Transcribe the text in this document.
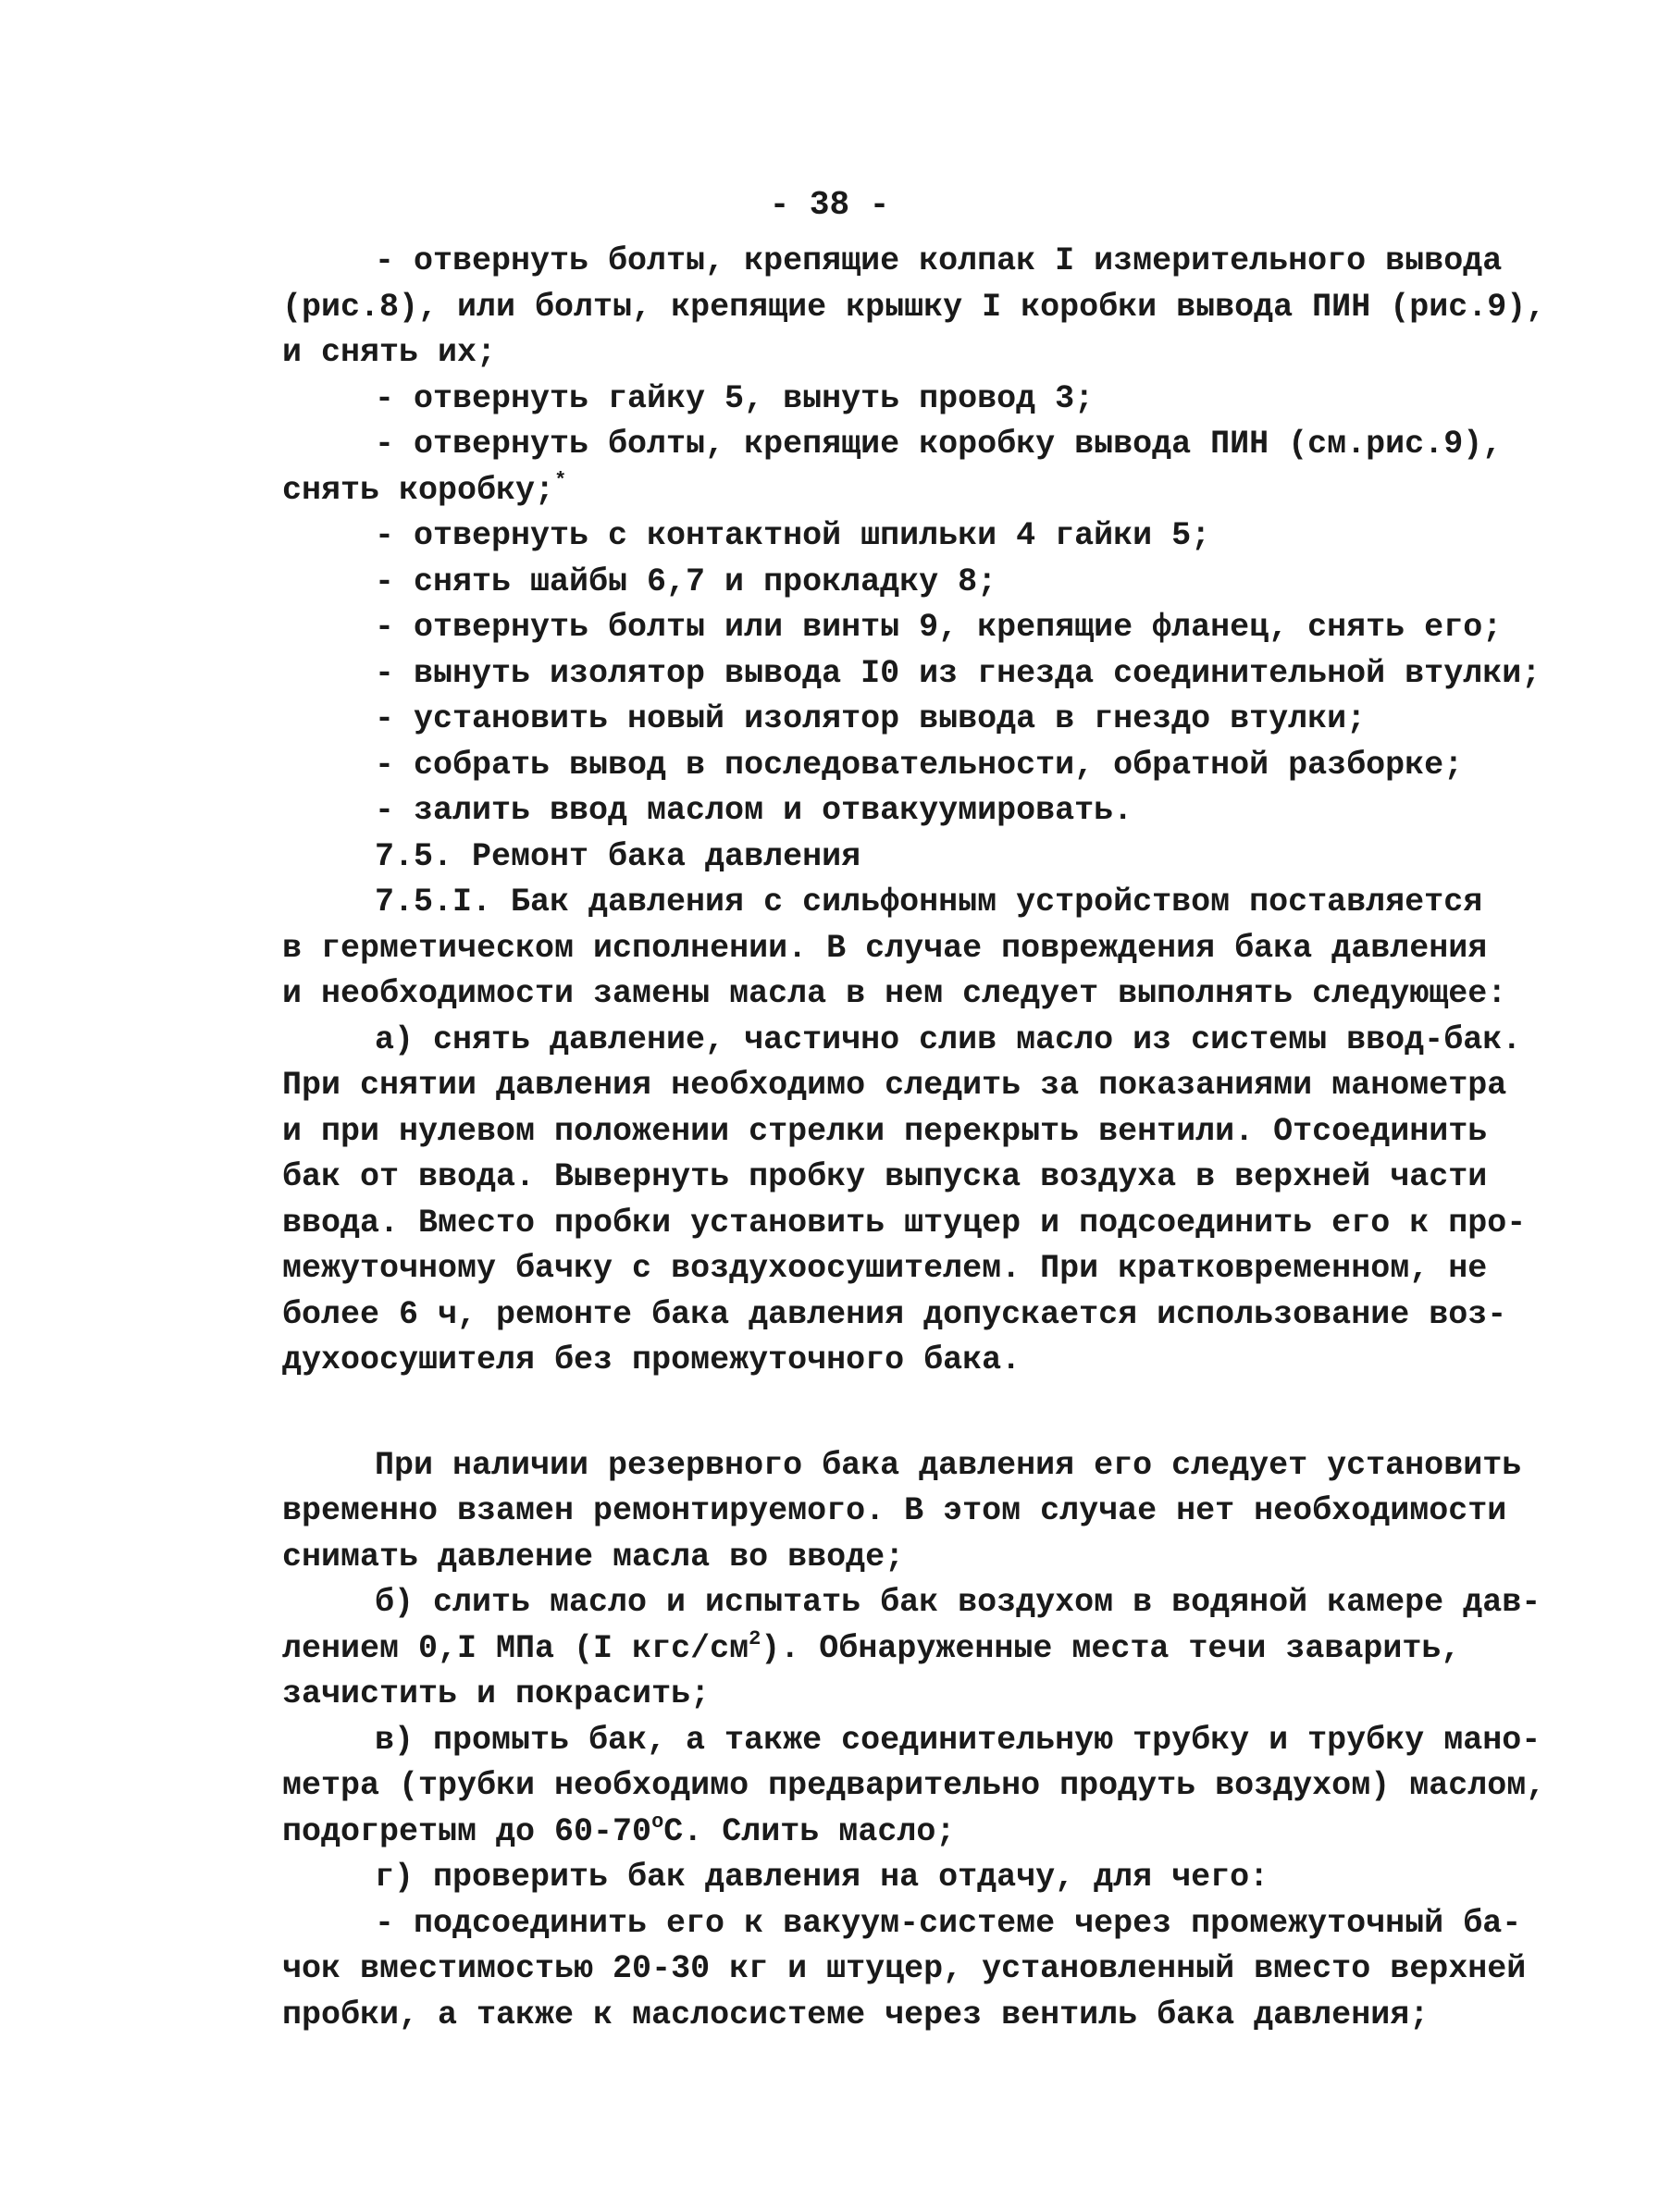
- 38 -
- отвернуть болты, крепящие колпак I измерительного вывода
(рис.8), или болты, крепящие крышку I коробки вывода ПИН (рис.9),
и снять их;
- отвернуть гайку 5, вынуть провод 3;
- отвернуть болты, крепящие коробку вывода ПИН (см.рис.9),
снять коробку;*
- отвернуть с контактной шпильки 4 гайки 5;
- снять шайбы 6,7 и прокладку 8;
- отвернуть болты или винты 9, крепящие фланец, снять его;
- вынуть изолятор вывода I0 из гнезда соединительной втулки;
- установить новый изолятор вывода в гнездо втулки;
- собрать вывод в последовательности, обратной разборке;
- залить ввод маслом и отвакуумировать.
7.5. Ремонт бака давления
7.5.I. Бак давления с сильфонным устройством поставляется
в герметическом исполнении. В случае повреждения бака давления
и необходимости замены масла в нем следует выполнять следующее:
а) снять давление, частично слив масло из системы ввод-бак.
При снятии давления необходимо следить за показаниями манометра
и при нулевом положении стрелки перекрыть вентили. Отсоединить
бак от ввода. Вывернуть пробку выпуска воздуха в верхней части
ввода. Вместо пробки установить штуцер и подсоединить его к про-
межуточному бачку с воздухоосушителем. При кратковременном, не
более 6 ч, ремонте бака давления допускается использование воз-
духоосушителя без промежуточного бака.
При наличии резервного бака давления его следует установить
временно взамен ремонтируемого. В этом случае нет необходимости
снимать давление масла во вводе;
б) слить масло и испытать бак воздухом в водяной камере дав-
лением 0,I МПа (I кгс/$см^2$). Обнаруженные места течи заварить,
зачистить и покрасить;
в) промыть бак, а также соединительную трубку и трубку мано-
метра (трубки необходимо предварительно продуть воздухом) маслом,
подогретым до $60-70^оС$. Слить масло;
г) проверить бак давления на отдачу, для чего:
- подсоединить его к вакуум-системе через промежуточный ба-
чок вместимостью 20-30 кг и штуцер, установленный вместо верхней
пробки, а также к маслосистеме через вентиль бака давления;
